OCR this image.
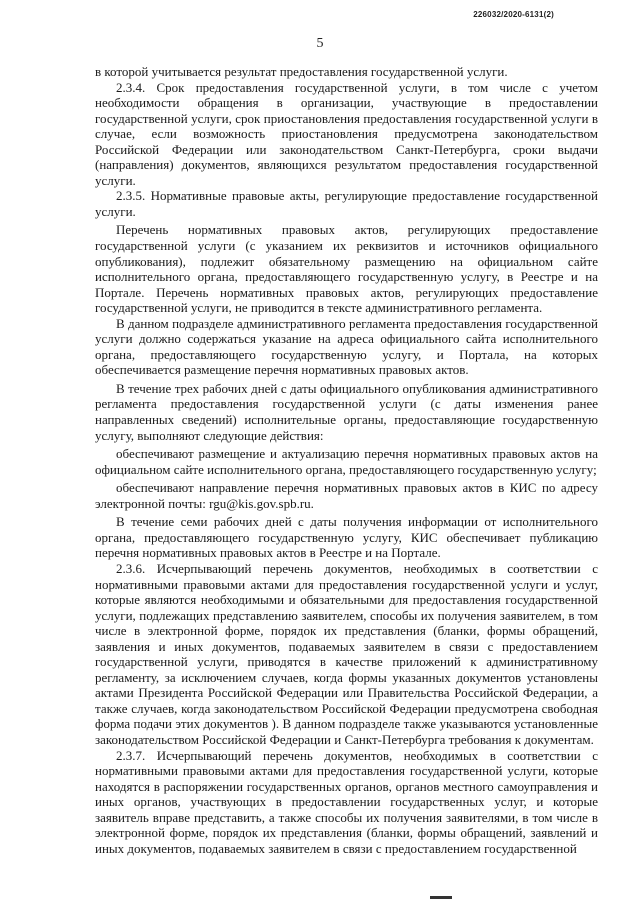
226032/2020-6131(2)
5

в которой учитывается результат предоставления государственной услуги.

2.3.4. Срок предоставления государственной услуги, в том числе с учетом необходимости обращения в организации, участвующие в предоставлении государственной услуги, срок приостановления предоставления государственной услуги в случае, если возможность приостановления предусмотрена законодательством Российской Федерации или законодательством Санкт-Петербурга, сроки выдачи (направления) документов, являющихся результатом предоставления государственной услуги.

2.3.5. Нормативные правовые акты, регулирующие предоставление государственной услуги.

Перечень нормативных правовых актов, регулирующих предоставление государственной услуги (с указанием их реквизитов и источников официального опубликования), подлежит обязательному размещению на официальном сайте исполнительного органа, предоставляющего государственную услугу, в Реестре и на Портале. Перечень нормативных правовых актов, регулирующих предоставление государственной услуги, не приводится в тексте административного регламента.

В данном подразделе административного регламента предоставления государственной услуги должно содержаться указание на адреса официального сайта исполнительного органа, предоставляющего государственную услугу, и Портала, на которых обеспечивается размещение перечня нормативных правовых актов.

В течение трех рабочих дней с даты официального опубликования административного регламента предоставления государственной услуги (с даты изменения ранее направленных сведений) исполнительные органы, предоставляющие государственную услугу, выполняют следующие действия:

обеспечивают размещение и актуализацию перечня нормативных правовых актов на официальном сайте исполнительного органа, предоставляющего государственную услугу;

обеспечивают направление перечня нормативных правовых актов в КИС по адресу электронной почты: rgu@kis.gov.spb.ru.

В течение семи рабочих дней с даты получения информации от исполнительного органа, предоставляющего государственную услугу, КИС обеспечивает публикацию перечня нормативных правовых актов в Реестре и на Портале.

2.3.6. Исчерпывающий перечень документов, необходимых в соответствии с нормативными правовыми актами для предоставления государственной услуги и услуг, которые являются необходимыми и обязательными для предоставления государственной услуги, подлежащих представлению заявителем, способы их получения заявителем, в том числе в электронной форме, порядок их представления (бланки, формы обращений, заявления и иных документов, подаваемых заявителем в связи с предоставлением государственной услуги, приводятся в качестве приложений к административному регламенту, за исключением случаев, когда формы указанных документов установлены актами Президента Российской Федерации или Правительства Российской Федерации, а также случаев, когда законодательством Российской Федерации предусмотрена свободная форма подачи этих документов ). В данном подразделе также указываются установленные законодательством Российской Федерации и Санкт-Петербурга требования к документам.

2.3.7. Исчерпывающий перечень документов, необходимых в соответствии с нормативными правовыми актами для предоставления государственной услуги, которые находятся в распоряжении государственных органов, органов местного самоуправления и иных органов, участвующих в предоставлении государственных услуг, и которые заявитель вправе представить, а также способы их получения заявителями, в том числе в электронной форме, порядок их представления (бланки, формы обращений, заявлений и иных документов, подаваемых заявителем в связи с предоставлением государственной
